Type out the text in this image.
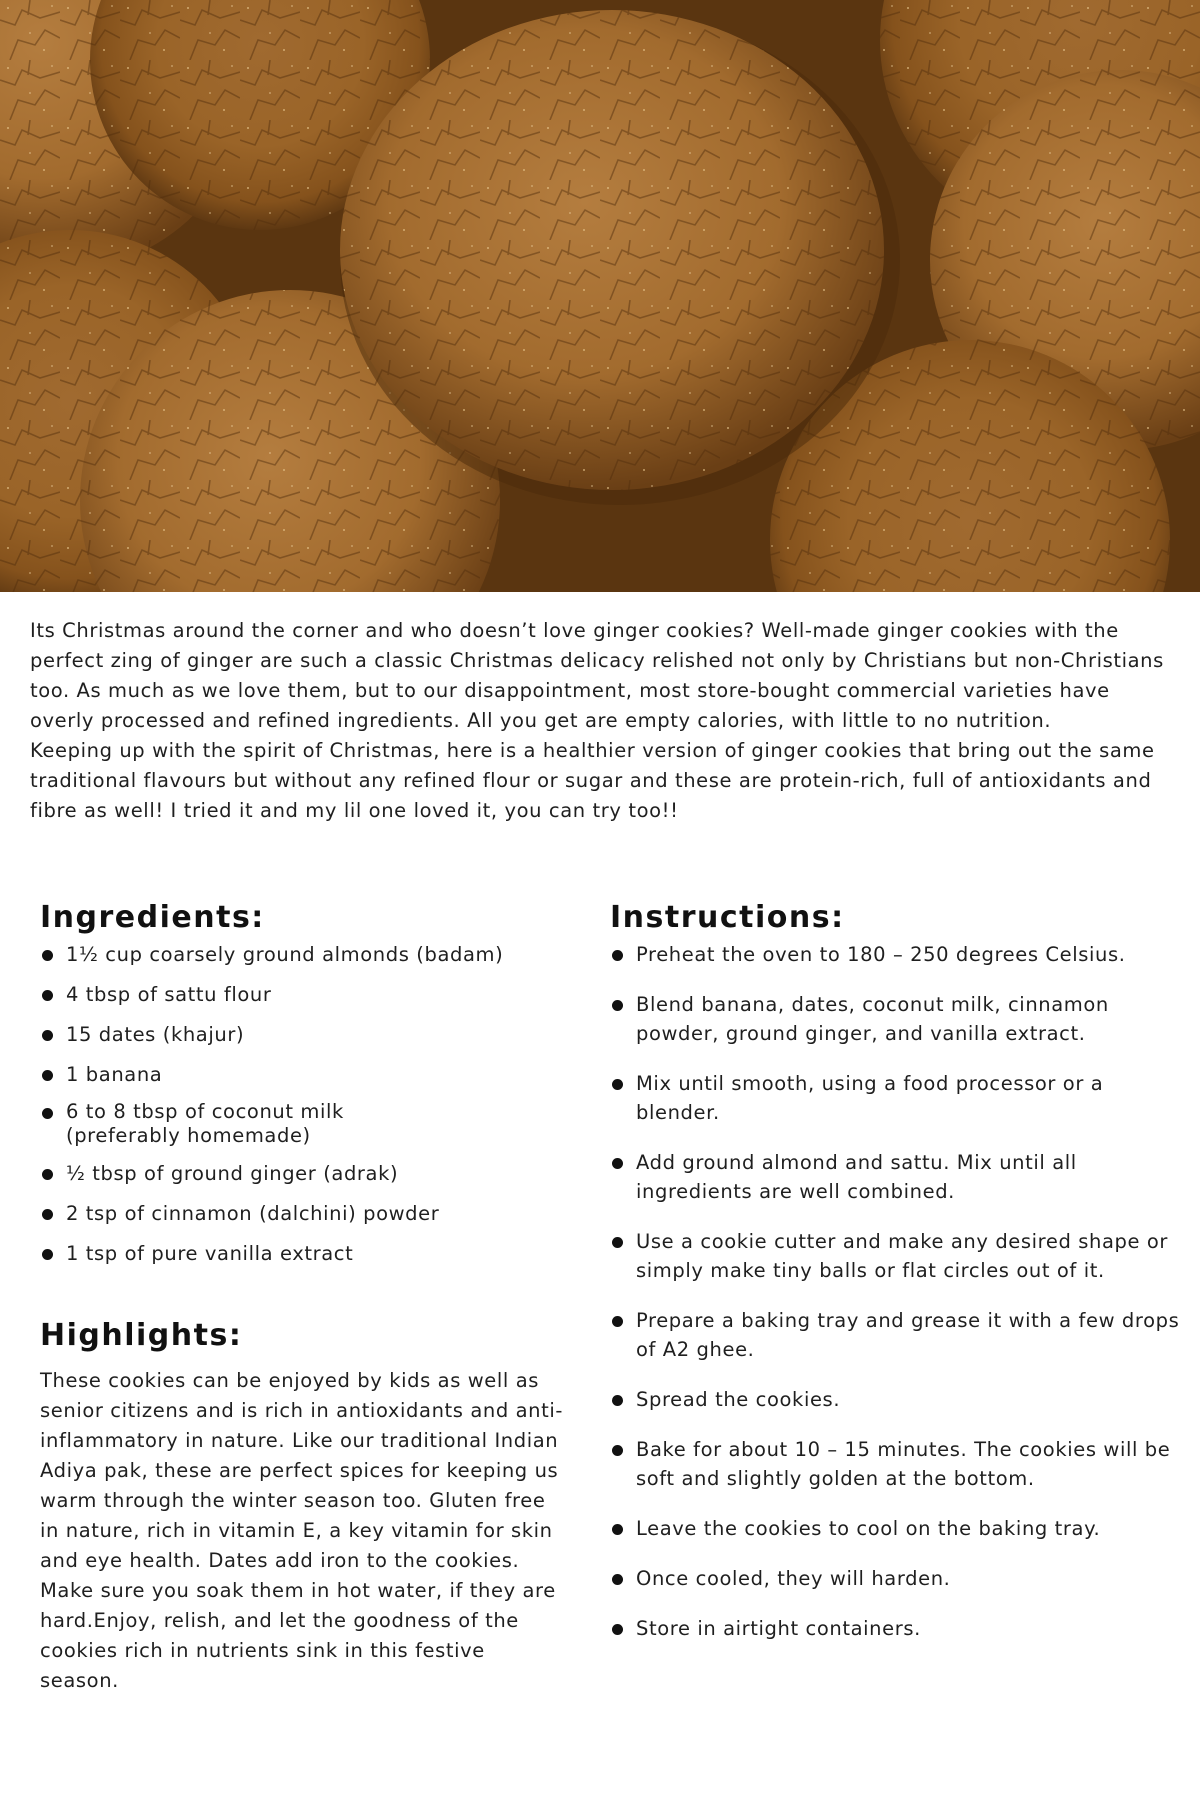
Its Christmas around the corner and who doesn’t love ginger cookies? Well-made ginger cookies with the perfect zing of ginger are such a classic Christmas delicacy relished not only by Christians but non-Christians too. As much as we love them, but to our disappointment, most store-bought commercial varieties have overly processed and refined ingredients. All you get are empty calories, with little to no nutrition.

Keeping up with the spirit of Christmas, here is a healthier version of ginger cookies that bring out the same traditional flavours but without any refined flour or sugar and these are protein-rich, full of antioxidants and fibre as well! I tried it and my lil one loved it, you can try too!!

Ingredients:
1½ cup coarsely ground almonds (badam)
4 tbsp of sattu flour
15 dates (khajur)
1 banana
6 to 8 tbsp of coconut milk
(preferably homemade)
½ tbsp of ground ginger (adrak)
2 tsp of cinnamon (dalchini) powder
1 tsp of pure vanilla extract
Highlights:

These cookies can be enjoyed by kids as well as senior citizens and is rich in antioxidants and anti- inflammatory in nature. Like our traditional Indian Adiya pak, these are perfect spices for keeping us warm through the winter season too. Gluten free in nature, rich in vitamin E, a key vitamin for skin and eye health. Dates add iron to the cookies. Make sure you soak them in hot water, if they are hard.Enjoy, relish, and let the goodness of the cookies rich in nutrients sink in this festive season.

Instructions:
Preheat the oven to 180 – 250 degrees Celsius.
Blend banana, dates, coconut milk, cinnamon powder, ground ginger, and vanilla extract.
Mix until smooth, using a food processor or a blender.
Add ground almond and sattu. Mix until all ingredients are well combined.
Use a cookie cutter and make any desired shape or simply make tiny balls or flat circles out of it.
Prepare a baking tray and grease it with a few drops of A2 ghee.
Spread the cookies.
Bake for about 10 – 15 minutes. The cookies will be soft and slightly golden at the bottom.
Leave the cookies to cool on the baking tray.
Once cooled, they will harden.
Store in airtight containers.
